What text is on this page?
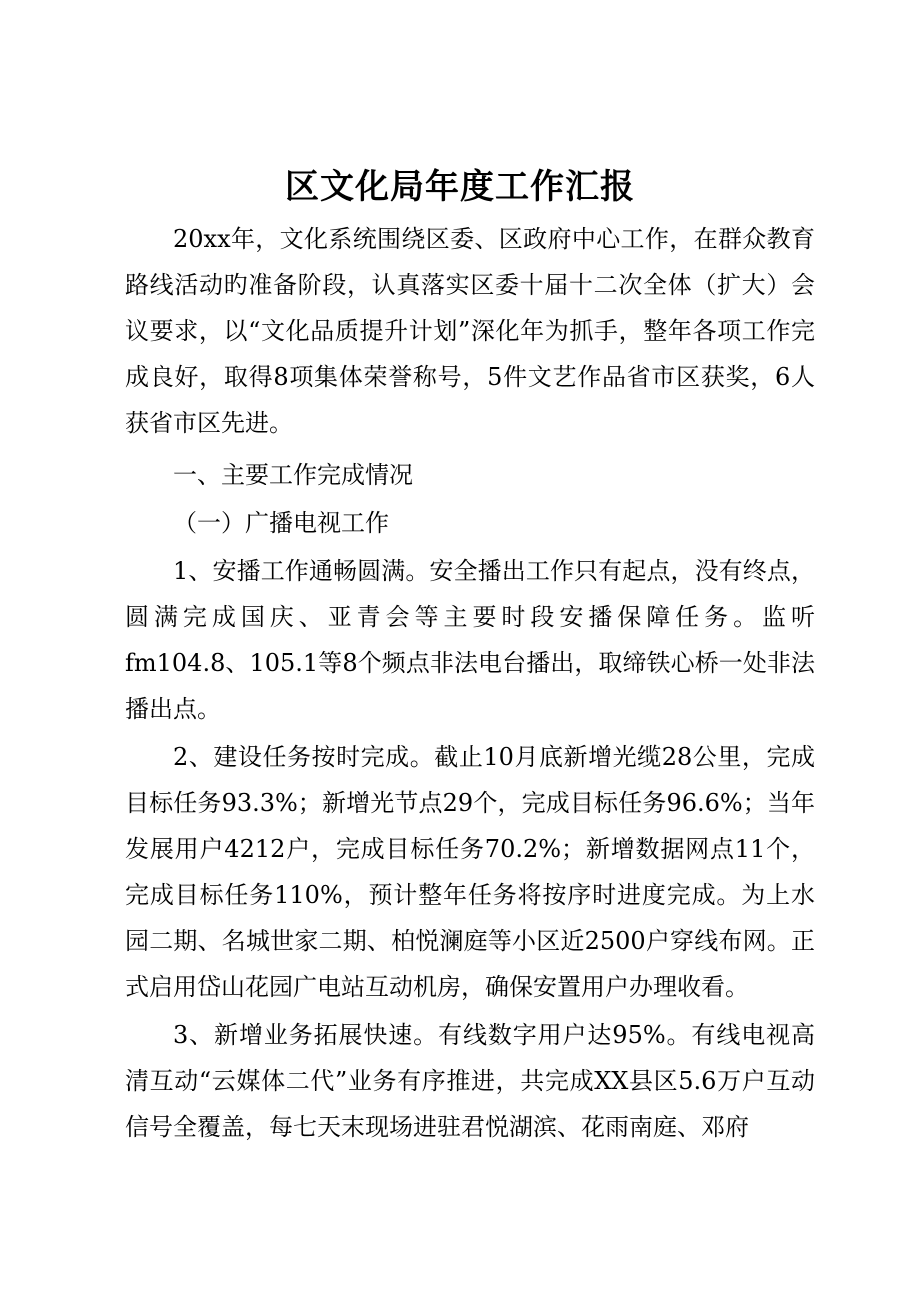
区文化局年度工作汇报

20xx年，文化系统围绕区委、区政府中心工作，在群众教育路线活动旳准备阶段，认真落实区委十届十二次全体（扩大）会议要求，以“文化品质提升计划”深化年为抓手，整年各项工作完成良好，取得8项集体荣誉称号，5件文艺作品省市区获奖，6人获省市区先进。

一、主要工作完成情况

（一）广播电视工作

1、安播工作通畅圆满。安全播出工作只有起点，没有终点，圆满完成国庆、亚青会等主要时段安播保障任务。监听fm104.8、105.1等8个频点非法电台播出，取缔铁心桥一处非法播出点。

2、建设任务按时完成。截止10月底新增光缆28公里，完成目标任务93.3%；新增光节点29个，完成目标任务96.6%；当年发展用户4212户，完成目标任务70.2%；新增数据网点11个，完成目标任务110%，预计整年任务将按序时进度完成。为上水园二期、名城世家二期、柏悦澜庭等小区近2500户穿线布网。正式启用岱山花园广电站互动机房，确保安置用户办理收看。

3、新增业务拓展快速。有线数字用户达95%。有线电视高清互动“云媒体二代”业务有序推进，共完成XX县区5.6万户互动信号全覆盖，每七天末现场进驻君悦湖滨、花雨南庭、邓府
